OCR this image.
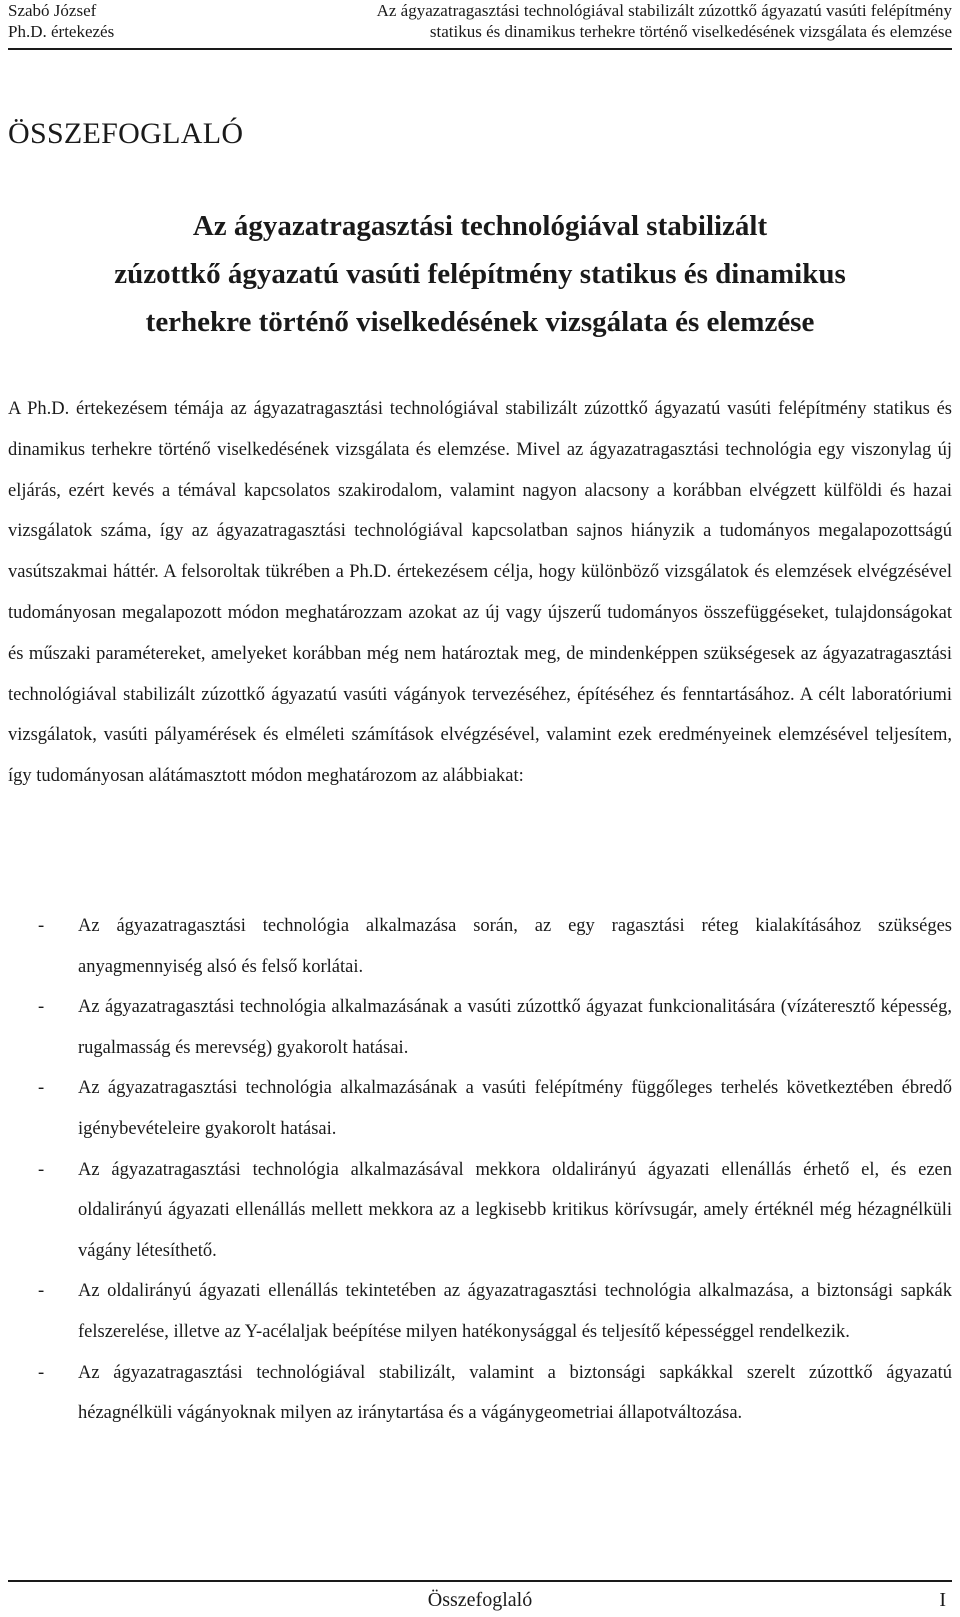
Szabó József
Ph.D. értekezés
Az ágyazatragasztási technológiával stabilizált zúzottkő ágyazatú vasúti felépítmény
statikus és dinamikus terhekre történő viselkedésének vizsgálata és elemzése
ÖSSZEFOGLALÓ
Az ágyazatragasztási technológiával stabilizált
zúzottkő ágyazatú vasúti felépítmény statikus és dinamikus
terhekre történő viselkedésének vizsgálata és elemzése

A Ph.D. értekezésem témája az ágyazatragasztási technológiával stabilizált zúzottkő ágyazatú vasúti felépítmény statikus és dinamikus terhekre történő viselkedésének vizsgálata és elemzése. Mivel az ágyazatragasztási technológia egy viszonylag új eljárás, ezért kevés a témával kapcsolatos szakirodalom, valamint nagyon alacsony a korábban elvégzett külföldi és hazai vizsgálatok száma, így az ágyazatragasztási technológiával kapcsolatban sajnos hiányzik a tudományos megalapozottságú vasútszakmai háttér. A felsoroltak tükrében a Ph.D. értekezésem célja, hogy különböző vizsgálatok és elemzések elvégzésével tudományosan megalapozott módon meghatározzam azokat az új vagy újszerű tudományos összefüggéseket, tulajdonságokat és műszaki paramétereket, amelyeket korábban még nem határoztak meg, de mindenképpen szükségesek az ágyazatragasztási technológiával stabilizált zúzottkő ágyazatú vasúti vágányok tervezéséhez, építéséhez és fenntartásához. A célt laboratóriumi vizsgálatok, vasúti pályamérések és elméleti számítások elvégzésével, valamint ezek eredményeinek elemzésével teljesítem, így tudományosan alátámasztott módon meghatározom az alábbiakat:

- Az ágyazatragasztási technológia alkalmazása során, az egy ragasztási réteg kialakításához szükséges anyagmennyiség alsó és felső korlátai.
- Az ágyazatragasztási technológia alkalmazásának a vasúti zúzottkő ágyazat funkcionalitására (vízáteresztő képesség, rugalmasság és merevség) gyakorolt hatásai.
- Az ágyazatragasztási technológia alkalmazásának a vasúti felépítmény függőleges terhelés következtében ébredő igénybevételeire gyakorolt hatásai.
- Az ágyazatragasztási technológia alkalmazásával mekkora oldalirányú ágyazati ellenállás érhető el, és ezen oldalirányú ágyazati ellenállás mellett mekkora az a legkisebb kritikus körívsugár, amely értéknél még hézagnélküli vágány létesíthető.
- Az oldalirányú ágyazati ellenállás tekintetében az ágyazatragasztási technológia alkalmazása, a biztonsági sapkák felszerelése, illetve az Y-acélaljak beépítése milyen hatékonysággal és teljesítő képességgel rendelkezik.
- Az ágyazatragasztási technológiával stabilizált, valamint a biztonsági sapkákkal szerelt zúzottkő ágyazatú hézagnélküli vágányoknak milyen az iránytartása és a vágánygeometriai állapotváltozása.
Összefoglaló	I
